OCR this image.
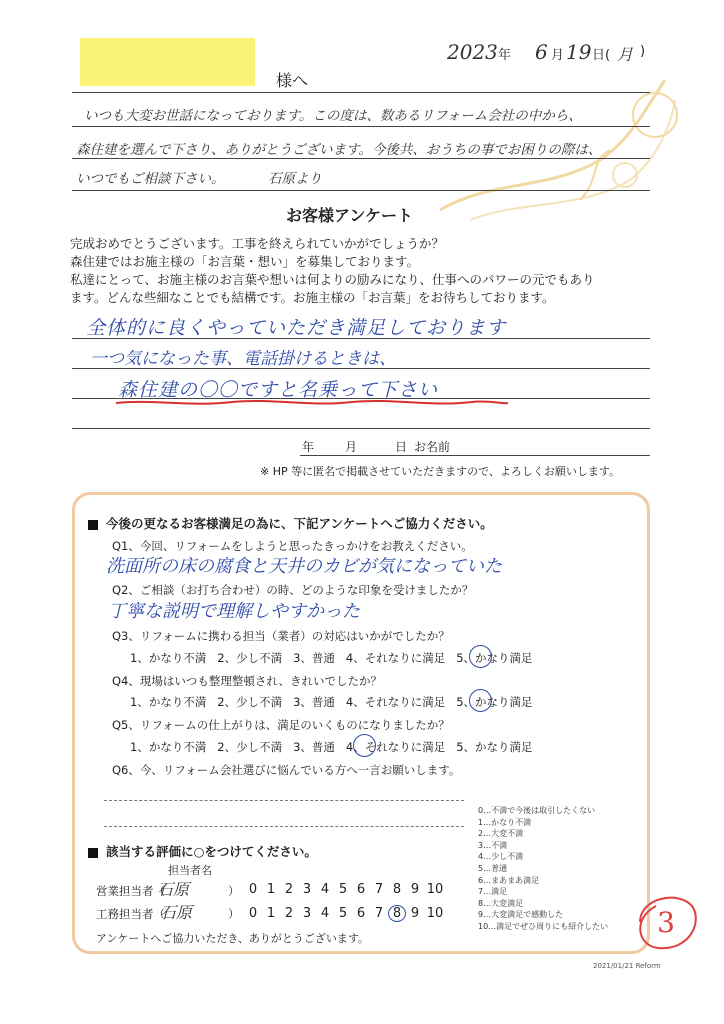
2023 年 6 月 19 日( 月 )
様へ
いつも大変お世話になっております。この度は、数あるリフォーム会社の中から、
森住建を選んで下さり、ありがとうございます。今後共、おうちの事でお困りの際は、
いつでもご相談下さい。	石原より
お客様アンケート
完成おめでとうございます。工事を終えられていかがでしょうか？
森住建ではお施主様の「お言葉・想い」を募集しております。
私達にとって、お施主様のお言葉や想いは何よりの励みになり、仕事へのパワーの元でもあり
ます。どんな些細なことでも結構です。お施主様の「お言葉」をお待ちしております。
全体的に良くやっていただき満足しております
一つ気になった事、電話掛けるときは、
森住建の〇〇ですと名乗って下さい
年	月	日 お名前
※ HP 等に匿名で掲載させていただきますので、よろしくお願いします。
今後の更なるお客様満足の為に、下記アンケートへご協力ください。
Q1、今回、リフォームをしようと思ったきっかけをお教えください。
洗面所の床の腐食と天井のカビが気になっていた
Q2、ご相談（お打ち合わせ）の時、どのような印象を受けましたか？
丁寧な説明で理解しやすかった
Q3、リフォームに携わる担当（業者）の対応はいかがでしたか？
1、かなり不満 2、少し不満 3、普通 4、それなりに満足 5、かなり満足
Q4、現場はいつも整理整頓され、きれいでしたか？
1、かなり不満 2、少し不満 3、普通 4、それなりに満足 5、かなり満足
Q5、リフォームの仕上がりは、満足のいくものになりましたか？
1、かなり不満 2、少し不満 3、普通 4、それなりに満足 5、かなり満足
Q6、今、リフォーム会社選びに悩んでいる方へ一言お願いします。
該当する評価に○をつけてください。
担当者名
営業担当者（
石原	） 0 1 2 3 4 5 6 7 8 9 10
工務担当者（
石原	） 0 1 2 3 4 5 6 7 8 9 10
アンケートへご協力いただき、ありがとうございます。
0…不満で今後は取引したくない
1…かなり不満
2…大変不満
3…不満
4…少し不満
5…普通
6…まあまあ満足
7…満足
8…大変満足
9…大変満足で感動した
10…満足でぜひ周りにも紹介したい 3
2021/01/21 Reform
